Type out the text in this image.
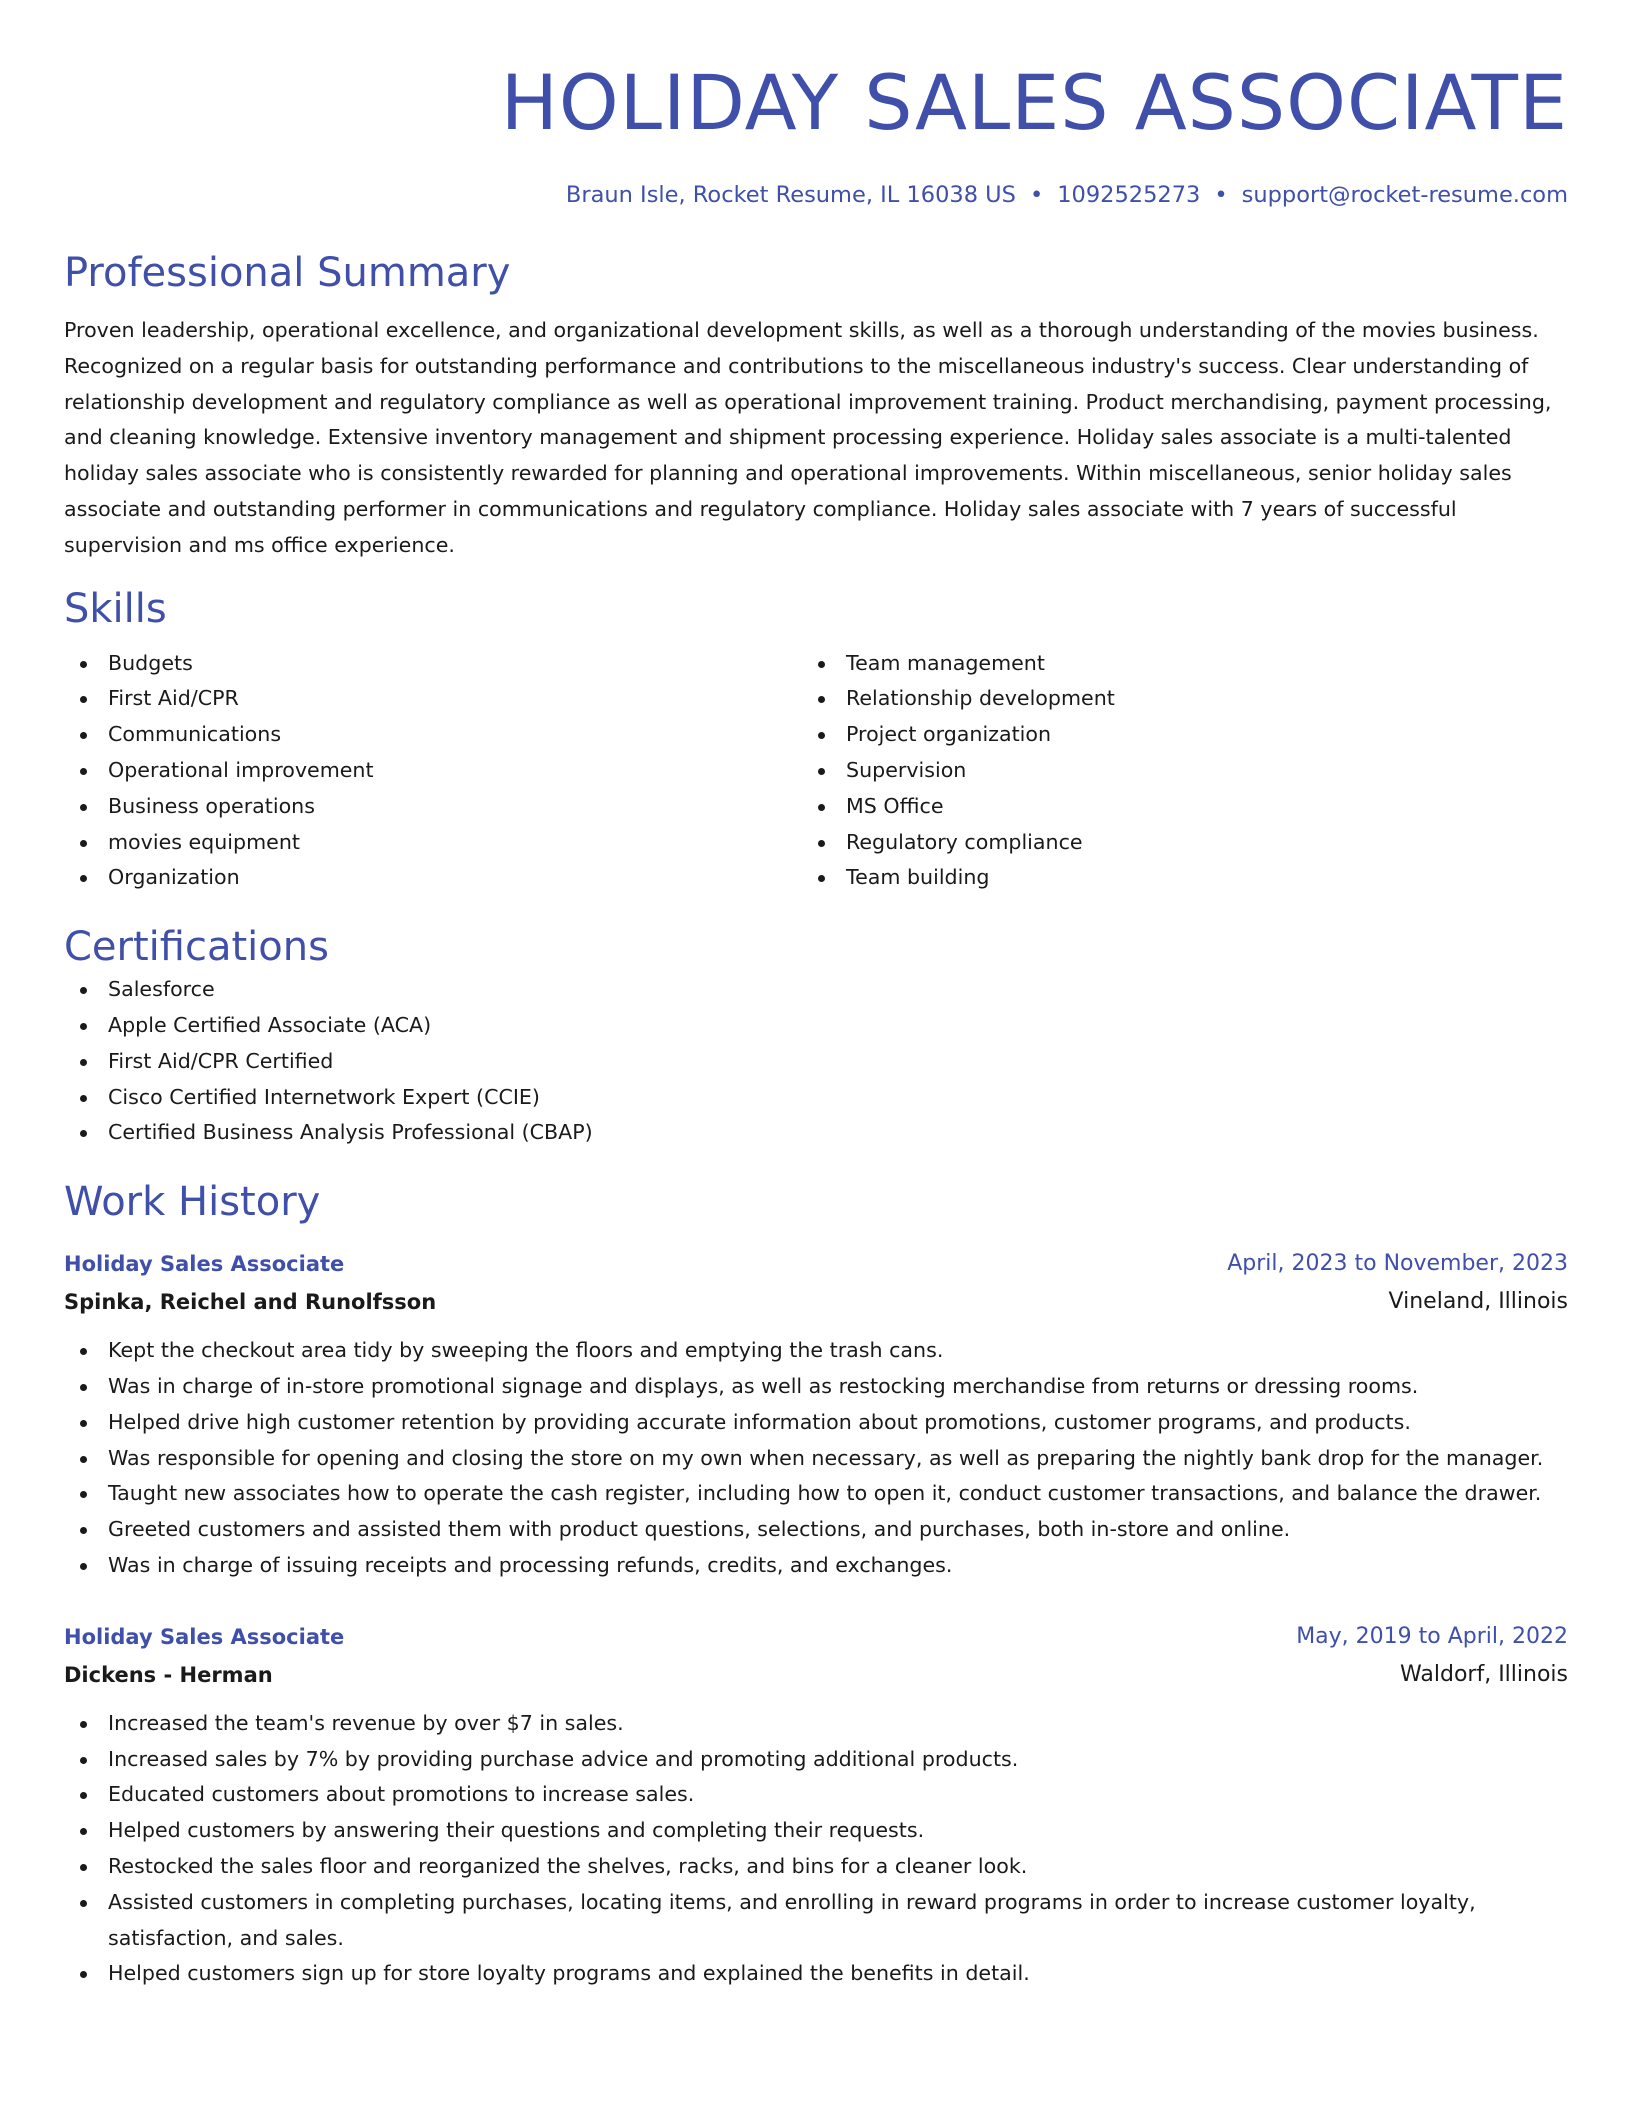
HOLIDAY SALES ASSOCIATE
Braun Isle, Rocket Resume, IL 16038 US • 1092525273 • support@rocket-resume.com
Professional Summary

Proven leadership, operational excellence, and organizational development skills, as well as a thorough understanding of the movies business. Recognized on a regular basis for outstanding performance and contributions to the miscellaneous industry's success. Clear understanding of relationship development and regulatory compliance as well as operational improvement training. Product merchandising, payment processing, and cleaning knowledge. Extensive inventory management and shipment processing experience. Holiday sales associate is a multi-talented holiday sales associate who is consistently rewarded for planning and operational improvements. Within miscellaneous, senior holiday sales associate and outstanding performer in communications and regulatory compliance. Holiday sales associate with 7 years of successful supervision and ms office experience.

Skills
Budgets
First Aid/CPR
Communications
Operational improvement
Business operations
movies equipment
Organization
Team management
Relationship development
Project organization
Supervision
MS Office
Regulatory compliance
Team building
Certifications
Salesforce
Apple Certified Associate (ACA)
First Aid/CPR Certified
Cisco Certified Internetwork Expert (CCIE)
Certified Business Analysis Professional (CBAP)
Work History
Holiday Sales Associate	April, 2023 to November, 2023
Spinka, Reichel and Runolfsson	Vineland, Illinois
Kept the checkout area tidy by sweeping the floors and emptying the trash cans.
Was in charge of in-store promotional signage and displays, as well as restocking merchandise from returns or dressing rooms.
Helped drive high customer retention by providing accurate information about promotions, customer programs, and products.
Was responsible for opening and closing the store on my own when necessary, as well as preparing the nightly bank drop for the manager.
Taught new associates how to operate the cash register, including how to open it, conduct customer transactions, and balance the drawer.
Greeted customers and assisted them with product questions, selections, and purchases, both in-store and online.
Was in charge of issuing receipts and processing refunds, credits, and exchanges.
Holiday Sales Associate	May, 2019 to April, 2022
Dickens - Herman	Waldorf, Illinois
Increased the team's revenue by over $7 in sales.
Increased sales by 7% by providing purchase advice and promoting additional products.
Educated customers about promotions to increase sales.
Helped customers by answering their questions and completing their requests.
Restocked the sales floor and reorganized the shelves, racks, and bins for a cleaner look.
Assisted customers in completing purchases, locating items, and enrolling in reward programs in order to increase customer loyalty, satisfaction, and sales.
Helped customers sign up for store loyalty programs and explained the benefits in detail.
